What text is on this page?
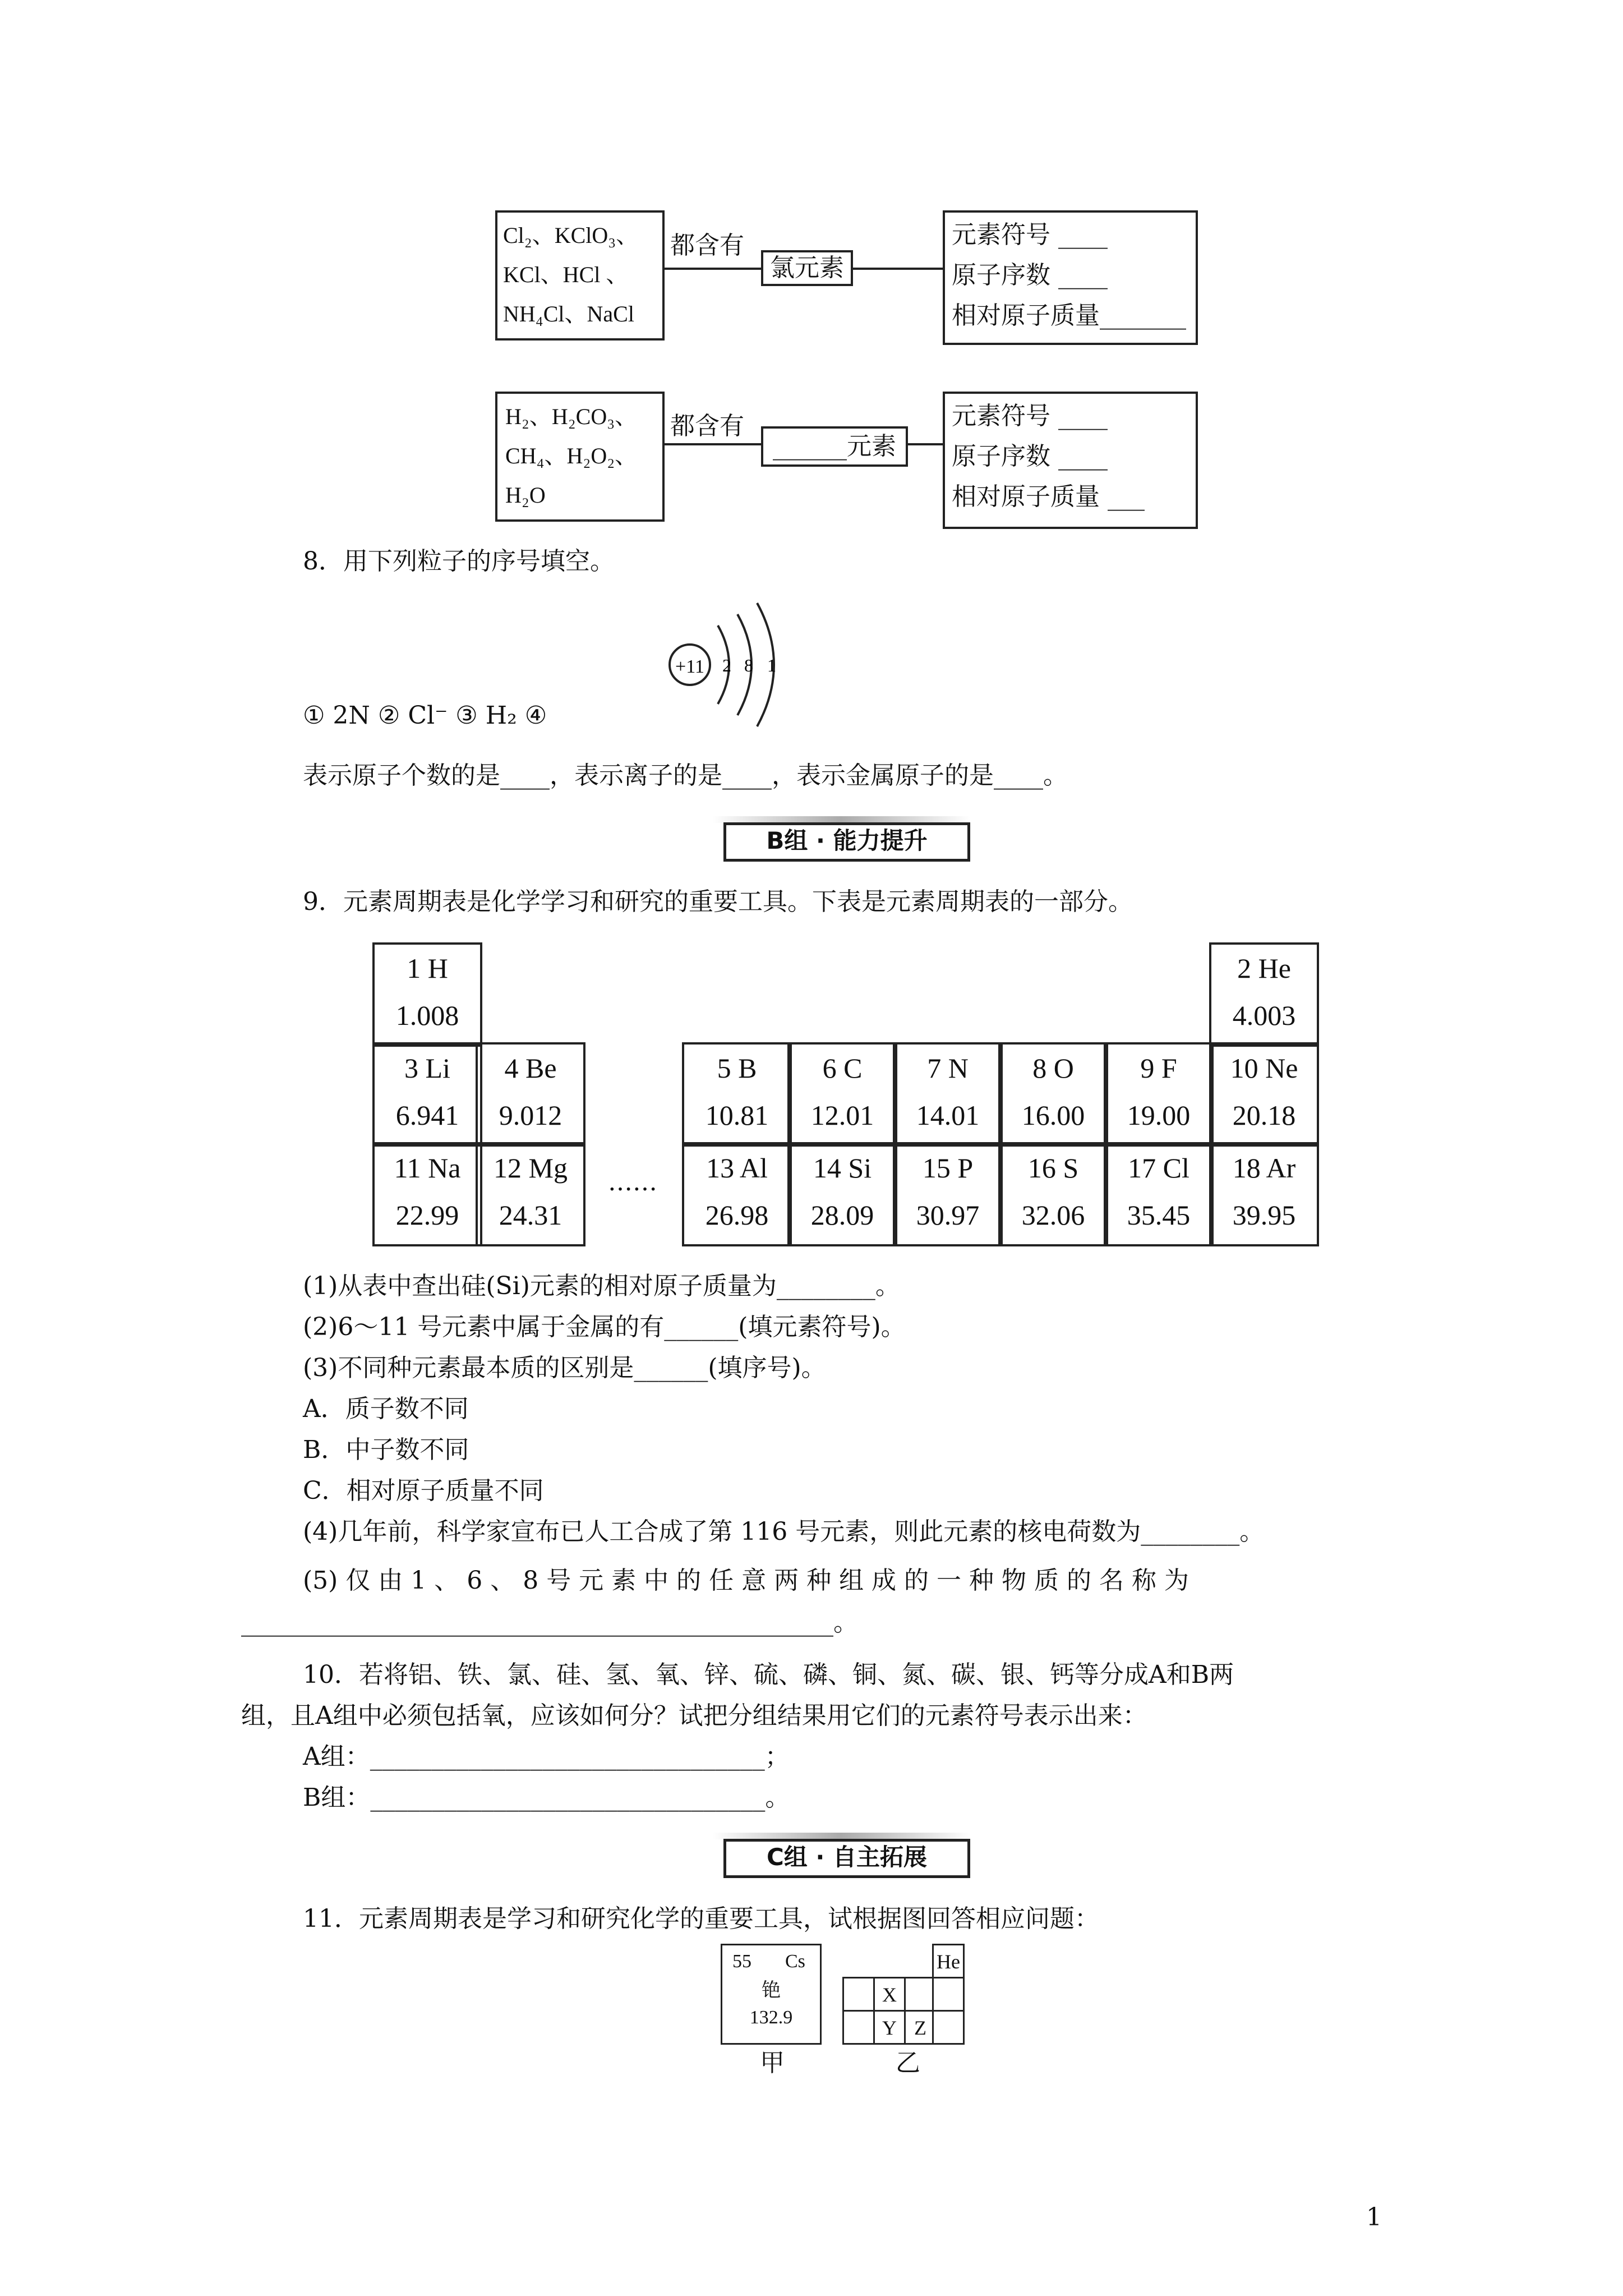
Cl₂、KClO₃、
KCl、HCl 、
NH₄Cl、NaCl
都含有
氯元素
元素符号 ____
原子序数 ____
相对原子质量_______
H₂、H₂CO₃、
CH₄、H₂O₂、
H₂O
都含有
______元素
元素符号 ____
原子序数 ____
相对原子质量 ___
8．用下列粒子的序号填空。
+11 2 8 1
① 2N ② Cl⁻ ③ H₂ ④
表示原子个数的是____，表示离子的是____，表示金属原子的是____。
B组 · 能力提升
9．元素周期表是化学学习和研究的重要工具。下表是元素周期表的一部分。
1 H
1.008
2 He
4.003
3 Li
6.941
4 Be
9.012
5 B
10.81
6 C
12.01
7 N
14.01
8 O
16.00
9 F
19.00
10 Ne
20.18
11 Na
22.99
12 Mg
24.31
……	13 Al
26.98
14 Si
28.09
15 P
30.97
16 S
32.06
17 Cl
35.45
18 Ar
39.95
(1)从表中查出硅(Si)元素的相对原子质量为________。
(2)6～11 号元素中属于金属的有______(填元素符号)。
(3)不同种元素最本质的区别是______(填序号)。
A．质子数不同
B．中子数不同
C．相对原子质量不同
(4)几年前，科学家宣布已人工合成了第 116 号元素，则此元素的核电荷数为________。
(5) 仅 由 1 、 6 、 8 号 元 素 中 的 任 意 两 种 组 成 的 一 种 物 质 的 名 称 为
________________________________________________。
10．若将铝、铁、氯、硅、氢、氧、锌、硫、磷、铜、氮、碳、银、钙等分成A和B两
组，且A组中必须包括氧，应该如何分？试把分组结果用它们的元素符号表示出来：
A组：________________________________；
B组：________________________________。
C组 · 自主拓展
11．元素周期表是学习和研究化学的重要工具，试根据图回答相应问题：
55 Cs
铯
132.9
甲
He
X
Y Z
乙
1
